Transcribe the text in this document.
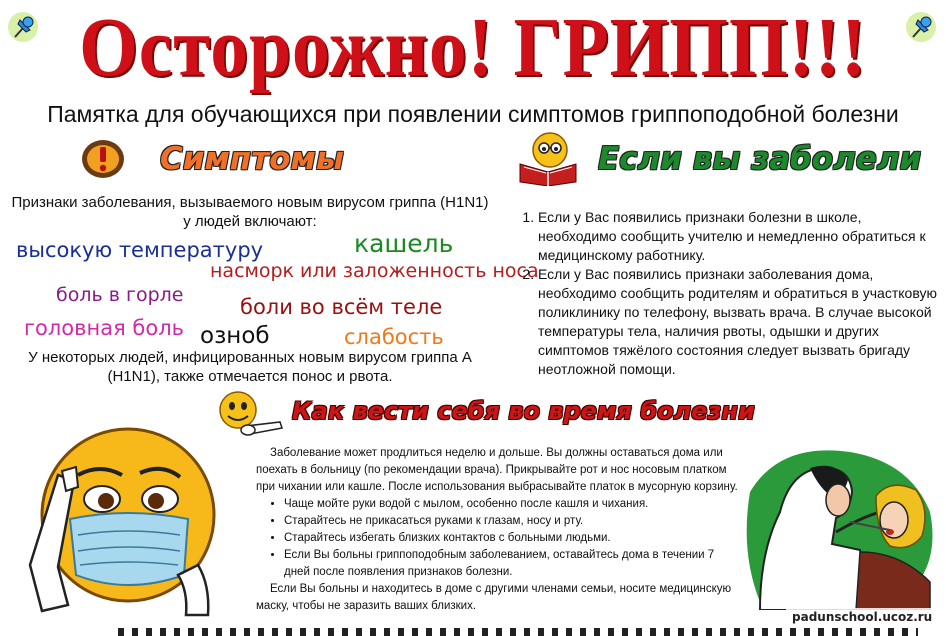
Осторожно! ГРИПП!!!
Памятка для обучающихся при появлении симптомов гриппоподобной болезни
Симптомы	Если вы заболели
Признаки заболевания, вызываемого новым вирусом гриппа (H1N1) у людей включают:
высокую температуру	кашель
насморк или заложенность носа
боль в горле	боли во всём теле
головная боль озноб	слабость
У некоторых людей, инфицированных новым вирусом гриппа А (H1N1), также отмечается понос и рвота.
1. Если у Вас появились признаки болезни в школе, необходимо сообщить учителю и немедленно обратиться к медицинскому работнику.
2. Если у Вас появились признаки заболевания дома, необходимо сообщить родителям и обратиться в участковую поликлинику по телефону, вызвать врача. В случае высокой температуры тела, наличия рвоты, одышки и других симптомов тяжёлого состояния следует вызвать бригаду неотложной помощи.
Как вести себя во время болезни

Заболевание может продлиться неделю и дольше. Вы должны оставаться дома или поехать в больницу (по рекомендации врача). Прикрывайте рот и нос носовым платком при чихании или кашле. После использования выбрасывайте платок в мусорную корзину.

• Чаще мойте руки водой с мылом, особенно после кашля и чихания.
• Старайтесь не прикасаться руками к глазам, носу и рту.
• Старайтесь избегать близких контактов с больными людьми.
• Если Вы больны гриппоподобным заболеванием, оставайтесь дома в течении 7 дней после появления признаков болезни.

Если Вы больны и находитесь в доме с другими членами семьи, носите медицинскую маску, чтобы не заразить ваших близких.

padunschool.ucoz.ru
